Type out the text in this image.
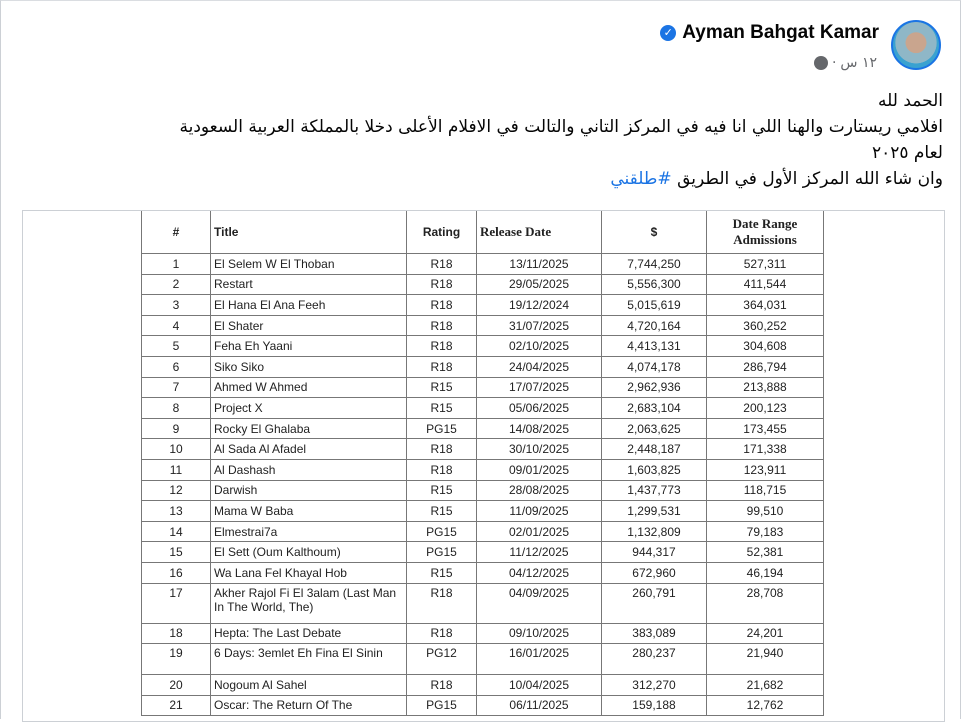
✓ Ayman Bahgat Kamar
١٢ س
·

الحمد لله

افلامي ريستارت والهنا اللي انا فيه في المركز التاني والتالت في الافلام الأعلى دخلا بالمملكة العربية السعودية

لعام ٢٠٢٥

وان شاء الله المركز الأول في الطريق #طلقني

#	Title	Rating	Release Date	$	Date Range Admissions
1	El Selem W El Thoban	R18	13/11/2025	7,744,250	527,311
2	Restart	R18	29/05/2025	5,556,300	411,544
3	El Hana El Ana Feeh	R18	19/12/2024	5,015,619	364,031
4	El Shater	R18	31/07/2025	4,720,164	360,252
5	Feha Eh Yaani	R18	02/10/2025	4,413,131	304,608
6	Siko Siko	R18	24/04/2025	4,074,178	286,794
7	Ahmed W Ahmed	R15	17/07/2025	2,962,936	213,888
8	Project X	R15	05/06/2025	2,683,104	200,123
9	Rocky El Ghalaba	PG15	14/08/2025	2,063,625	173,455
10	Al Sada Al Afadel	R18	30/10/2025	2,448,187	171,338
11	Al Dashash	R18	09/01/2025	1,603,825	123,911
12	Darwish	R15	28/08/2025	1,437,773	118,715
13	Mama W Baba	R15	11/09/2025	1,299,531	99,510
14	Elmestrai7a	PG15	02/01/2025	1,132,809	79,183
15	El Sett (Oum Kalthoum)	PG15	11/12/2025	944,317	52,381
16	Wa Lana Fel Khayal Hob	R15	04/12/2025	672,960	46,194
17	Akher Rajol Fi El 3alam (Last Man In The World, The)	R18	04/09/2025	260,791	28,708
18	Hepta: The Last Debate	R18	09/10/2025	383,089	24,201
19	6 Days: 3emlet Eh Fina El Sinin	PG12	16/01/2025	280,237	21,940
20	Nogoum Al Sahel	R18	10/04/2025	312,270	21,682
21	Oscar: The Return Of The	PG15	06/11/2025	159,188	12,762
